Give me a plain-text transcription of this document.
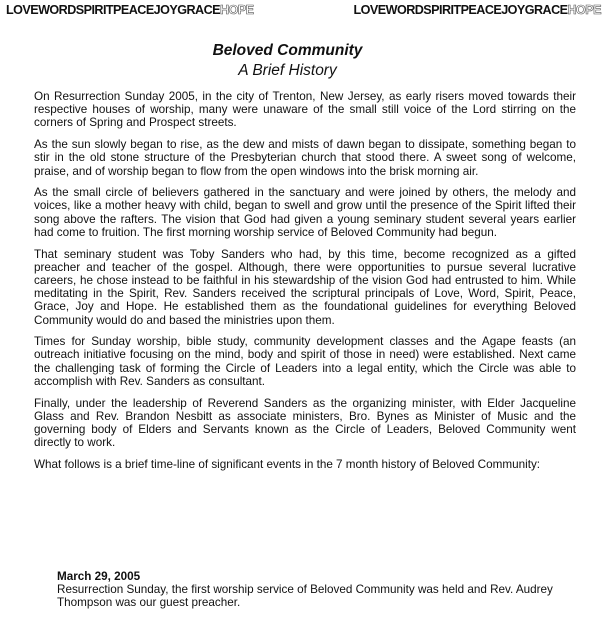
LOVEWORDSPIRITPEACEJOYGRACEHOPE	LOVEWORDSPIRITPEACEJOYGRACEHOPE
Beloved Community
A Brief History

On Resurrection Sunday 2005, in the city of Trenton, New Jersey, as early risers moved towards their respective houses of worship, many were unaware of the small still voice of the Lord stirring on the corners of Spring and Prospect streets.

As the sun slowly began to rise, as the dew and mists of dawn began to dissipate, something began to stir in the old stone structure of the Presbyterian church that stood there. A sweet song of welcome, praise, and of worship began to flow from the open windows into the brisk morning air.

As the small circle of believers gathered in the sanctuary and were joined by others, the melody and voices, like a mother heavy with child, began to swell and grow until the presence of the Spirit lifted their song above the rafters. The vision that God had given a young seminary student several years earlier had come to fruition. The first morning worship service of Beloved Community had begun.

That seminary student was Toby Sanders who had, by this time, become recognized as a gifted preacher and teacher of the gospel. Although, there were opportunities to pursue several lucrative careers, he chose instead to be faithful in his stewardship of the vision God had entrusted to him. While meditating in the Spirit, Rev. Sanders received the scriptural principals of Love, Word, Spirit, Peace, Grace, Joy and Hope. He established them as the foundational guidelines for everything Beloved Community would do and based the ministries upon them.

Times for Sunday worship, bible study, community development classes and the Agape feasts (an outreach initiative focusing on the mind, body and spirit of those in need) were established. Next came the challenging task of forming the Circle of Leaders into a legal entity, which the Circle was able to accomplish with Rev. Sanders as consultant.

Finally, under the leadership of Reverend Sanders as the organizing minister, with Elder Jacqueline Glass and Rev. Brandon Nesbitt as associate ministers, Bro. Bynes as Minister of Music and the governing body of Elders and Servants known as the Circle of Leaders, Beloved Community went directly to work.

What follows is a brief time-line of significant events in the 7 month history of Beloved Community:

March 29, 2005

Resurrection Sunday, the first worship service of Beloved Community was held and Rev. Audrey Thompson was our guest preacher.
